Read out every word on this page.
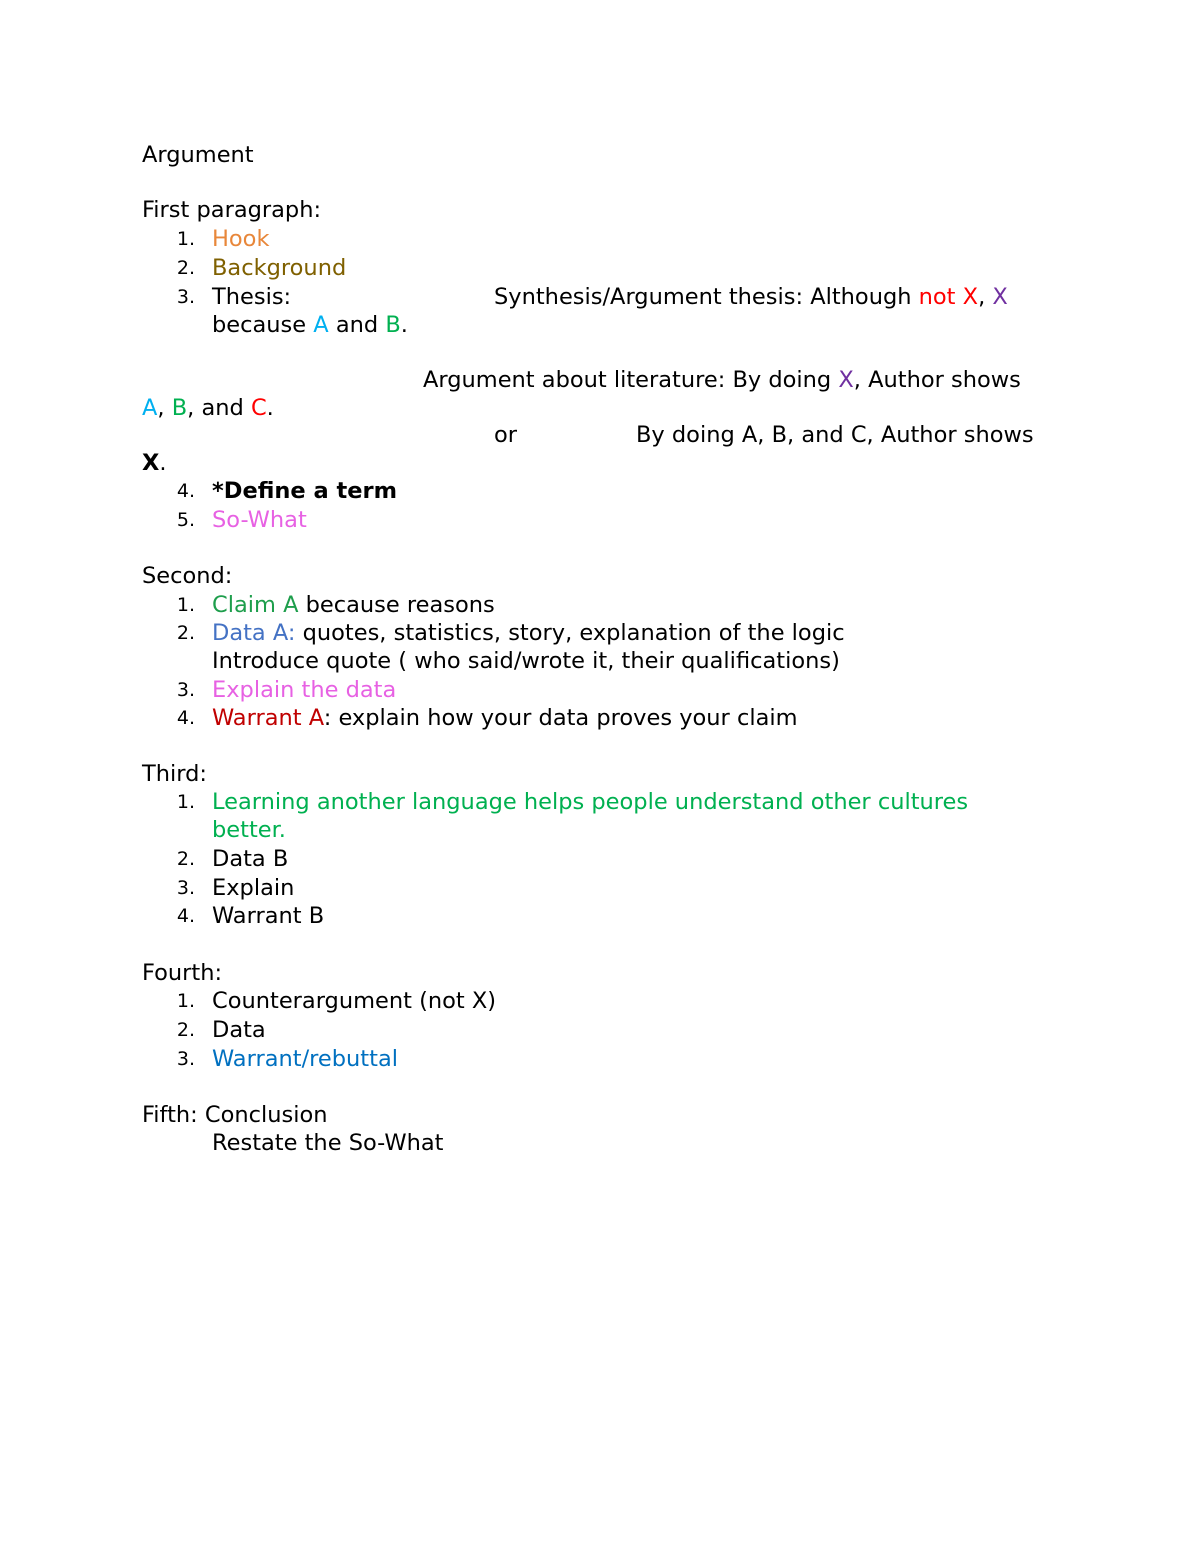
Argument
First paragraph:
1. Hook
2. Background
3. Thesis:	Synthesis/Argument thesis: Although not X, X
because A and B.
Argument about literature: By doing X, Author shows
A, B, and C.
or	By doing A, B, and C, Author shows
X.
4. *Define a term
5. So-What
Second:
1. Claim A because reasons
2. Data A: quotes, statistics, story, explanation of the logic
Introduce quote ( who said/wrote it, their qualifications)
3. Explain the data
4. Warrant A: explain how your data proves your claim
Third:
1. Learning another language helps people understand other cultures
better.
2. Data B
3. Explain
4. Warrant B
Fourth:
1. Counterargument (not X)
2. Data
3. Warrant/rebuttal
Fifth: Conclusion
Restate the So-What
